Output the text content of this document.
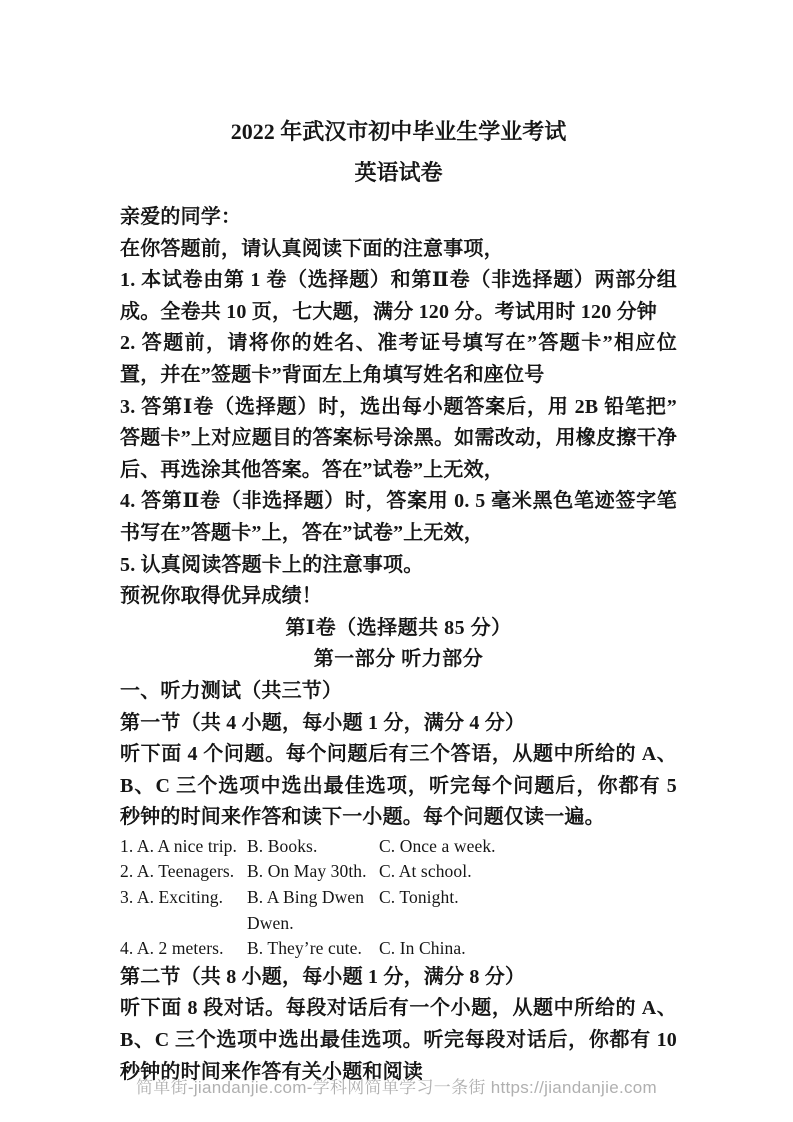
2022 年武汉市初中毕业生学业考试
英语试卷

亲爱的同学：

在你答题前，请认真阅读下面的注意事项，

1. 本试卷由第 1 卷（选择题）和第Ⅱ卷（非选择题）两部分组成。全卷共 10 页，七大题，满分 120 分。考试用时 120 分钟

2. 答题前，请将你的姓名、准考证号填写在”答题卡”相应位置，并在”签题卡”背面左上角填写姓名和座位号

3. 答第Ⅰ卷（选择题）时，选出每小题答案后，用 2B 铅笔把”答题卡”上对应题目的答案标号涂黑。如需改动，用橡皮擦干净后、再选涂其他答案。答在”试卷”上无效，

4. 答第Ⅱ卷（非选择题）时，答案用 0. 5 毫米黑色笔迹签字笔书写在”答题卡”上，答在”试卷”上无效，

5. 认真阅读答题卡上的注意事项。

预祝你取得优异成绩！

第Ⅰ卷（选择题共 85 分）

第一部分 听力部分

一、听力测试（共三节）

第一节（共 4 小题，每小题 1 分，满分 4 分）

听下面 4 个问题。每个问题后有三个答语，从题中所给的 A、B、C 三个选项中选出最佳选项，听完每个问题后，你都有 5 秒钟的时间来作答和读下一小题。每个问题仅读一遍。

1. A. A nice trip. B. Books.	C. Once a week.
2. A. Teenagers. B. On May 30th. C. At school.
3. A. Exciting.	B. A Bing Dwen Dwen.
C. Tonight.
4. A. 2 meters.	B. They’re cute. C. In China.

第二节（共 8 小题，每小题 1 分，满分 8 分）

听下面 8 段对话。每段对话后有一个小题，从题中所给的 A、B、C 三个选项中选出最佳选项。听完每段对话后，你都有 10 秒钟的时间来作答有关小题和阅读

简单街-jiandanjie.com-学科网简单学习一条街 https://jiandanjie.com
